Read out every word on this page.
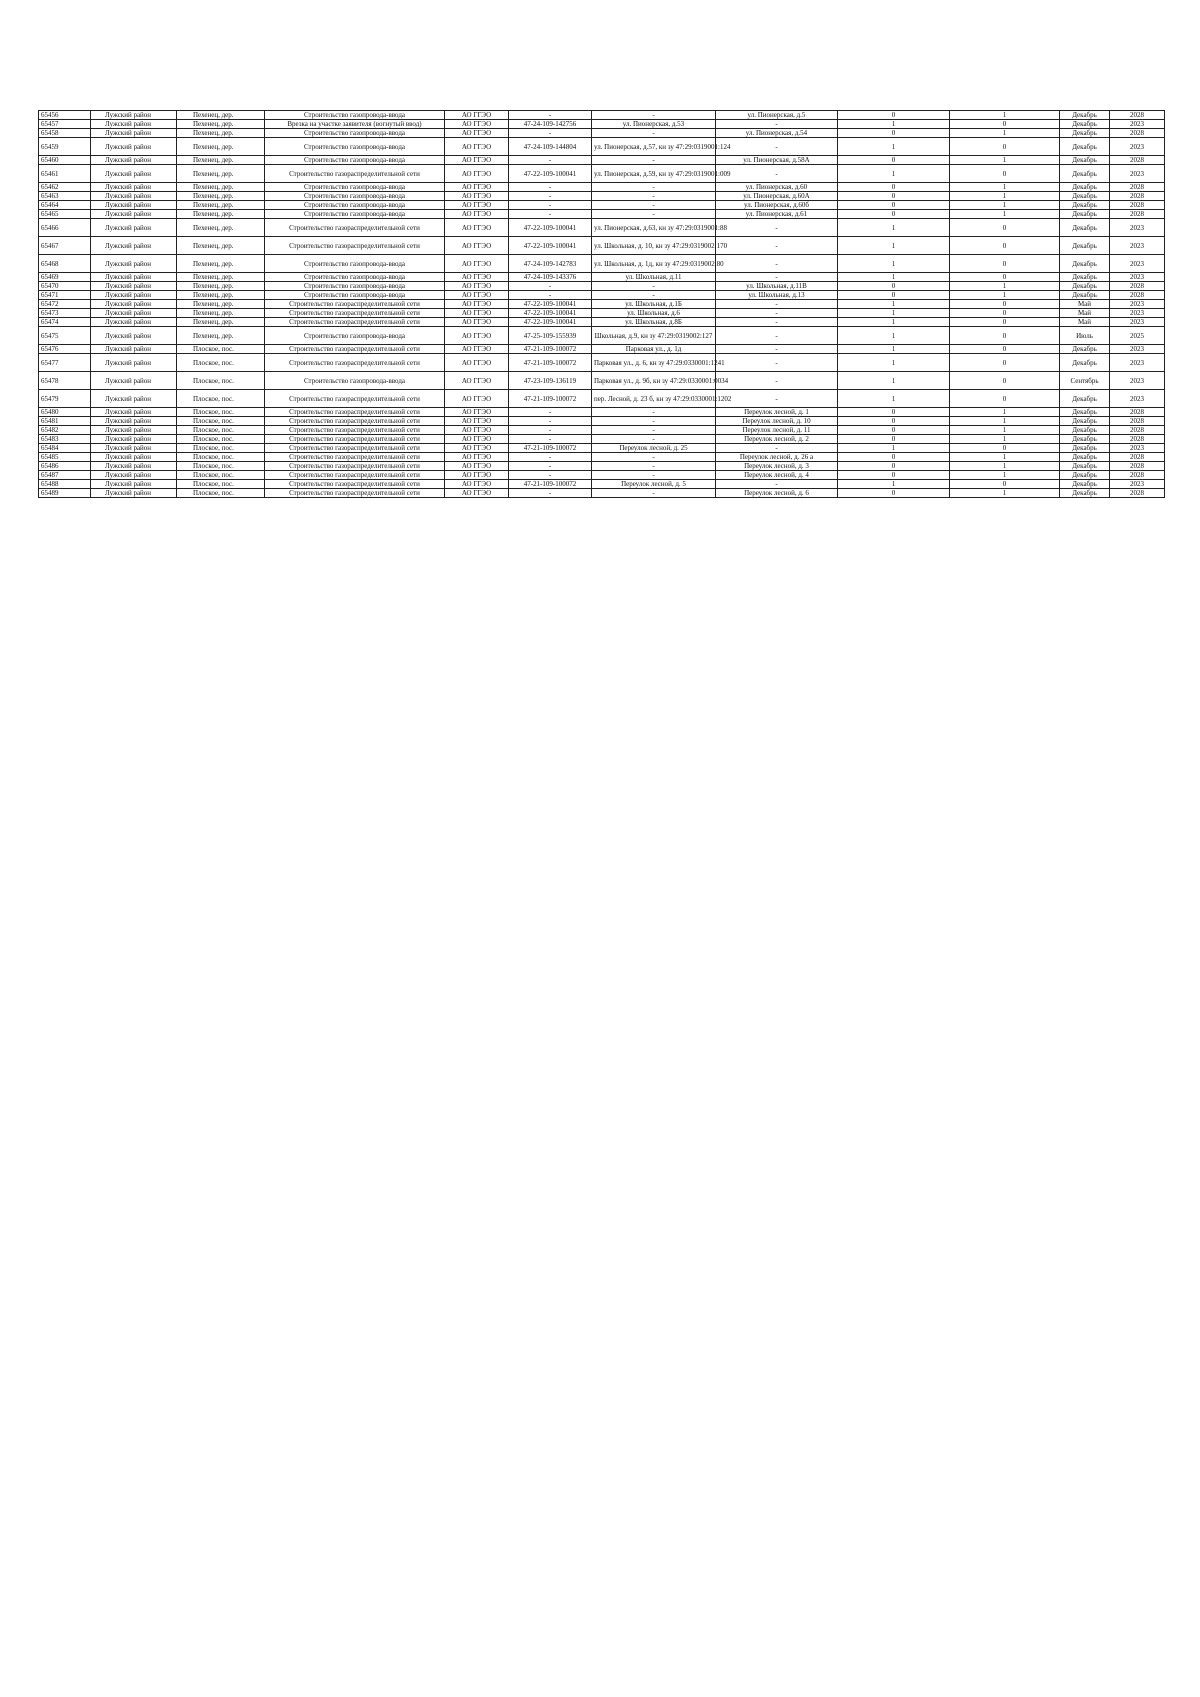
65456	Лужский район	Пехенец, дер.	Строительство газопровода-ввода	АО ГГЭО	-	-	ул. Пионерская, д.5	0	1	Декабрь	2028
65457	Лужский район	Пехенец, дер.	Врезка на участке заявителя (вогнутый ввод)	АО ГГЭО	47-24-109-142756	ул. Пионерская, д.53	-	1	0	Декабрь	2023
65458	Лужский район	Пехенец, дер.	Строительство газопровода-ввода	АО ГГЭО	-	-	ул. Пионерская, д.54	0	1	Декабрь	2028
65459	Лужский район	Пехенец, дер.	Строительство газопровода-ввода	АО ГГЭО	47-24-109-144804	ул. Пионерская, д.57, кн зу 47:29:0319001:124	-	1	0	Декабрь	2023
65460	Лужский район	Пехенец, дер.	Строительство газопровода-ввода	АО ГГЭО	-	-	ул. Пионерская, д.58А	0	1	Декабрь	2028
65461	Лужский район	Пехенец, дер.	Строительство газораспределительной сети	АО ГГЭО	47-22-109-100041	ул. Пионерская, д.59, кн зу 47:29:0319001:009	-	1	0	Декабрь	2023
65462	Лужский район	Пехенец, дер.	Строительство газопровода-ввода	АО ГГЭО	-	-	ул. Пионерская, д.60	0	1	Декабрь	2028
65463	Лужский район	Пехенец, дер.	Строительство газопровода-ввода	АО ГГЭО	-	-	ул. Пионерская, д.60А	0	1	Декабрь	2028
65464	Лужский район	Пехенец, дер.	Строительство газопровода-ввода	АО ГГЭО	-	-	ул. Пионерская, д.60б	0	1	Декабрь	2028
65465	Лужский район	Пехенец, дер.	Строительство газопровода-ввода	АО ГГЭО	-	-	ул. Пионерская, д.61	0	1	Декабрь	2028
65466	Лужский район	Пехенец, дер.	Строительство газораспределительной сети	АО ГГЭО	47-22-109-100041	ул. Пионерская, д.63, кн зу 47:29:0319001:88	-	1	0	Декабрь	2023
65467	Лужский район	Пехенец, дер.	Строительство газораспределительной сети	АО ГГЭО	47-22-109-100041	ул. Школьная, д. 10, кн зу 47:29:0319002:170	-	1	0	Декабрь	2023
65468	Лужский район	Пехенец, дер.	Строительство газопровода-ввода	АО ГГЭО	47-24-109-142783	ул. Школьная, д. 1д, кн зу 47:29:0319002:80	-	1	0	Декабрь	2023
65469	Лужский район	Пехенец, дер.	Строительство газопровода-ввода	АО ГГЭО	47-24-109-143376	ул. Школьная, д.11	-	1	0	Декабрь	2023
65470	Лужский район	Пехенец, дер.	Строительство газопровода-ввода	АО ГГЭО	-	-	ул. Школьная, д.11В	0	1	Декабрь	2028
65471	Лужский район	Пехенец, дер.	Строительство газопровода-ввода	АО ГГЭО	-	-	ул. Школьная, д.13	0	1	Декабрь	2028
65472	Лужский район	Пехенец, дер.	Строительство газораспределительной сети	АО ГГЭО	47-22-109-100041	ул. Школьная, д.1Б	-	1	0	Май	2023
65473	Лужский район	Пехенец, дер.	Строительство газораспределительной сети	АО ГГЭО	47-22-109-100041	ул. Школьная, д.6	-	1	0	Май	2023
65474	Лужский район	Пехенец, дер.	Строительство газораспределительной сети	АО ГГЭО	47-22-109-100041	ул. Школьная, д.8Б	-	1	0	Май	2023
65475	Лужский район	Пехенец, дер.	Строительство газопровода-ввода	АО ГГЭО	47-25-109-155939	Школьная, д.9, кн зу 47:29:0319002:127	-	1	0	Июль	2025
65476	Лужский район	Плоское, пос.	Строительство газораспределительной сети	АО ГГЭО	47-21-109-100072	Парковая ул., д. 1д	-	1	0	Декабрь	2023
65477	Лужский район	Плоское, пос.	Строительство газораспределительной сети	АО ГГЭО	47-21-109-100072	Парковая ул., д. 6, кн зу 47:29:0330001:1241	-	1	0	Декабрь	2023
65478	Лужский район	Плоское, пос.	Строительство газопровода-ввода	АО ГГЭО	47-23-109-136119	Парковая ул., д. 9б, кн зу 47:29:0330001:0034	-	1	0	Сентябрь	2023
65479	Лужский район	Плоское, пос.	Строительство газораспределительной сети	АО ГГЭО	47-21-109-100072	пер. Лесной, д. 23 б, кн зу 47:29:0330001:1202	-	1	0	Декабрь	2023
65480	Лужский район	Плоское, пос.	Строительство газораспределительной сети	АО ГГЭО	-	-	Переулок лесной, д. 1	0	1	Декабрь	2028
65481	Лужский район	Плоское, пос.	Строительство газораспределительной сети	АО ГГЭО	-	-	Переулок лесной, д. 10	0	1	Декабрь	2028
65482	Лужский район	Плоское, пос.	Строительство газораспределительной сети	АО ГГЭО	-	-	Переулок лесной, д. 11	0	1	Декабрь	2028
65483	Лужский район	Плоское, пос.	Строительство газораспределительной сети	АО ГГЭО	-	-	Переулок лесной, д. 2	0	1	Декабрь	2028
65484	Лужский район	Плоское, пос.	Строительство газораспределительной сети	АО ГГЭО	47-21-109-100072	Переулок лесной, д. 25	-	1	0	Декабрь	2023
65485	Лужский район	Плоское, пос.	Строительство газораспределительной сети	АО ГГЭО	-	-	Переулок лесной, д. 26 а	0	1	Декабрь	2028
65486	Лужский район	Плоское, пос.	Строительство газораспределительной сети	АО ГГЭО	-	-	Переулок лесной, д. 3	0	1	Декабрь	2028
65487	Лужский район	Плоское, пос.	Строительство газораспределительной сети	АО ГГЭО	-	-	Переулок лесной, д. 4	0	1	Декабрь	2028
65488	Лужский район	Плоское, пос.	Строительство газораспределительной сети	АО ГГЭО	47-21-109-100072	Переулок лесной, д. 5	-	1	0	Декабрь	2023
65489	Лужский район	Плоское, пос.	Строительство газораспределительной сети	АО ГГЭО	-	-	Переулок лесной, д. 6	0	1	Декабрь	2028
